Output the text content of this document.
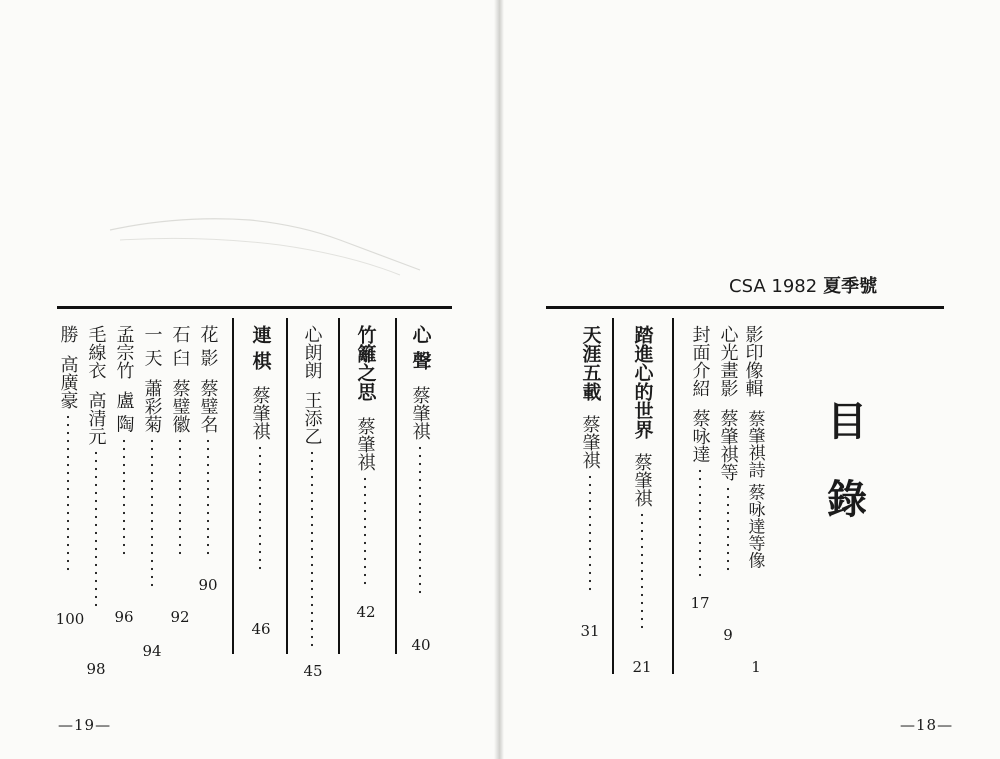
CSA 1982 夏季號
目
錄
影印像輯
蔡肇祺詩 蔡咏達等像
1
心光畫影
蔡肇祺等
9
封面介紹
蔡咏達
17
踏進心的世界
蔡肇祺
21
天涯五載
蔡肇祺
31
—18—
心 聲
蔡肇祺
40
竹籬之思
蔡肇祺
42
心朗朗
王添乙
45
連 棋
蔡肇祺
46
花 影
蔡璧名
90
石 臼
蔡璧徽
92
一 天
蕭彩菊
94
孟宗竹
盧 陶
96
毛線衣
高清元
98
勝
高廣豪
100
—19—
